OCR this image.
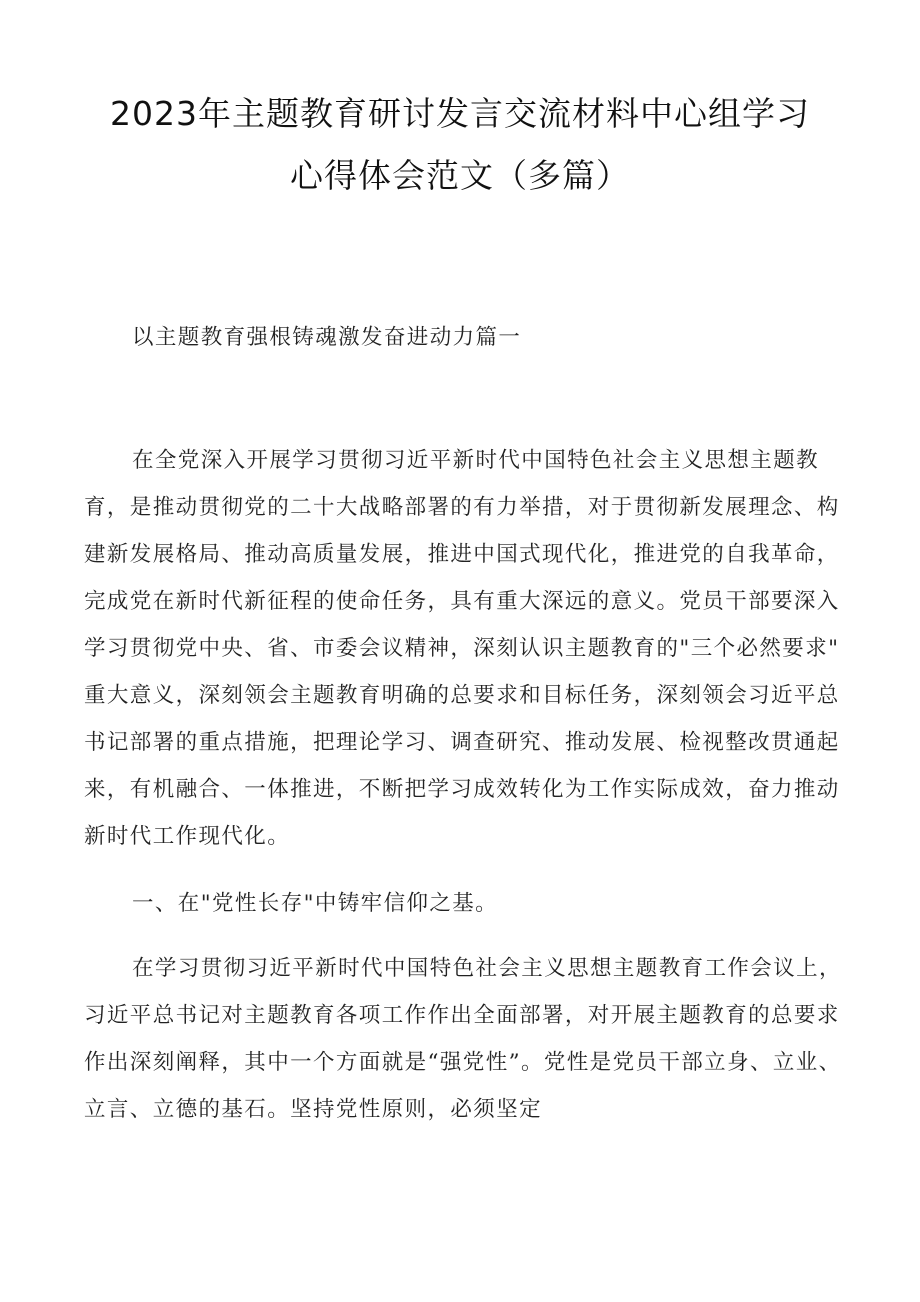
2023年主题教育研讨发言交流材料中心组学习
心得体会范文（多篇）
以主题教育强根铸魂激发奋进动力篇一
在全党深入开展学习贯彻习近平新时代中国特色社会主义思想主题教
育，是推动贯彻党的二十大战略部署的有力举措，对于贯彻新发展理念、构
建新发展格局、推动高质量发展，推进中国式现代化，推进党的自我革命，
完成党在新时代新征程的使命任务，具有重大深远的意义。党员干部要深入
学习贯彻党中央、省、市委会议精神，深刻认识主题教育的"三个必然要求"
重大意义，深刻领会主题教育明确的总要求和目标任务，深刻领会习近平总
书记部署的重点措施，把理论学习、调查研究、推动发展、检视整改贯通起
来，有机融合、一体推进，不断把学习成效转化为工作实际成效，奋力推动
新时代工作现代化。
一、在"党性长存"中铸牢信仰之基。
在学习贯彻习近平新时代中国特色社会主义思想主题教育工作会议上，
习近平总书记对主题教育各项工作作出全面部署，对开展主题教育的总要求
作出深刻阐释，其中一个方面就是“强党性”。党性是党员干部立身、立业、
立言、立德的基石。坚持党性原则，必须坚定
